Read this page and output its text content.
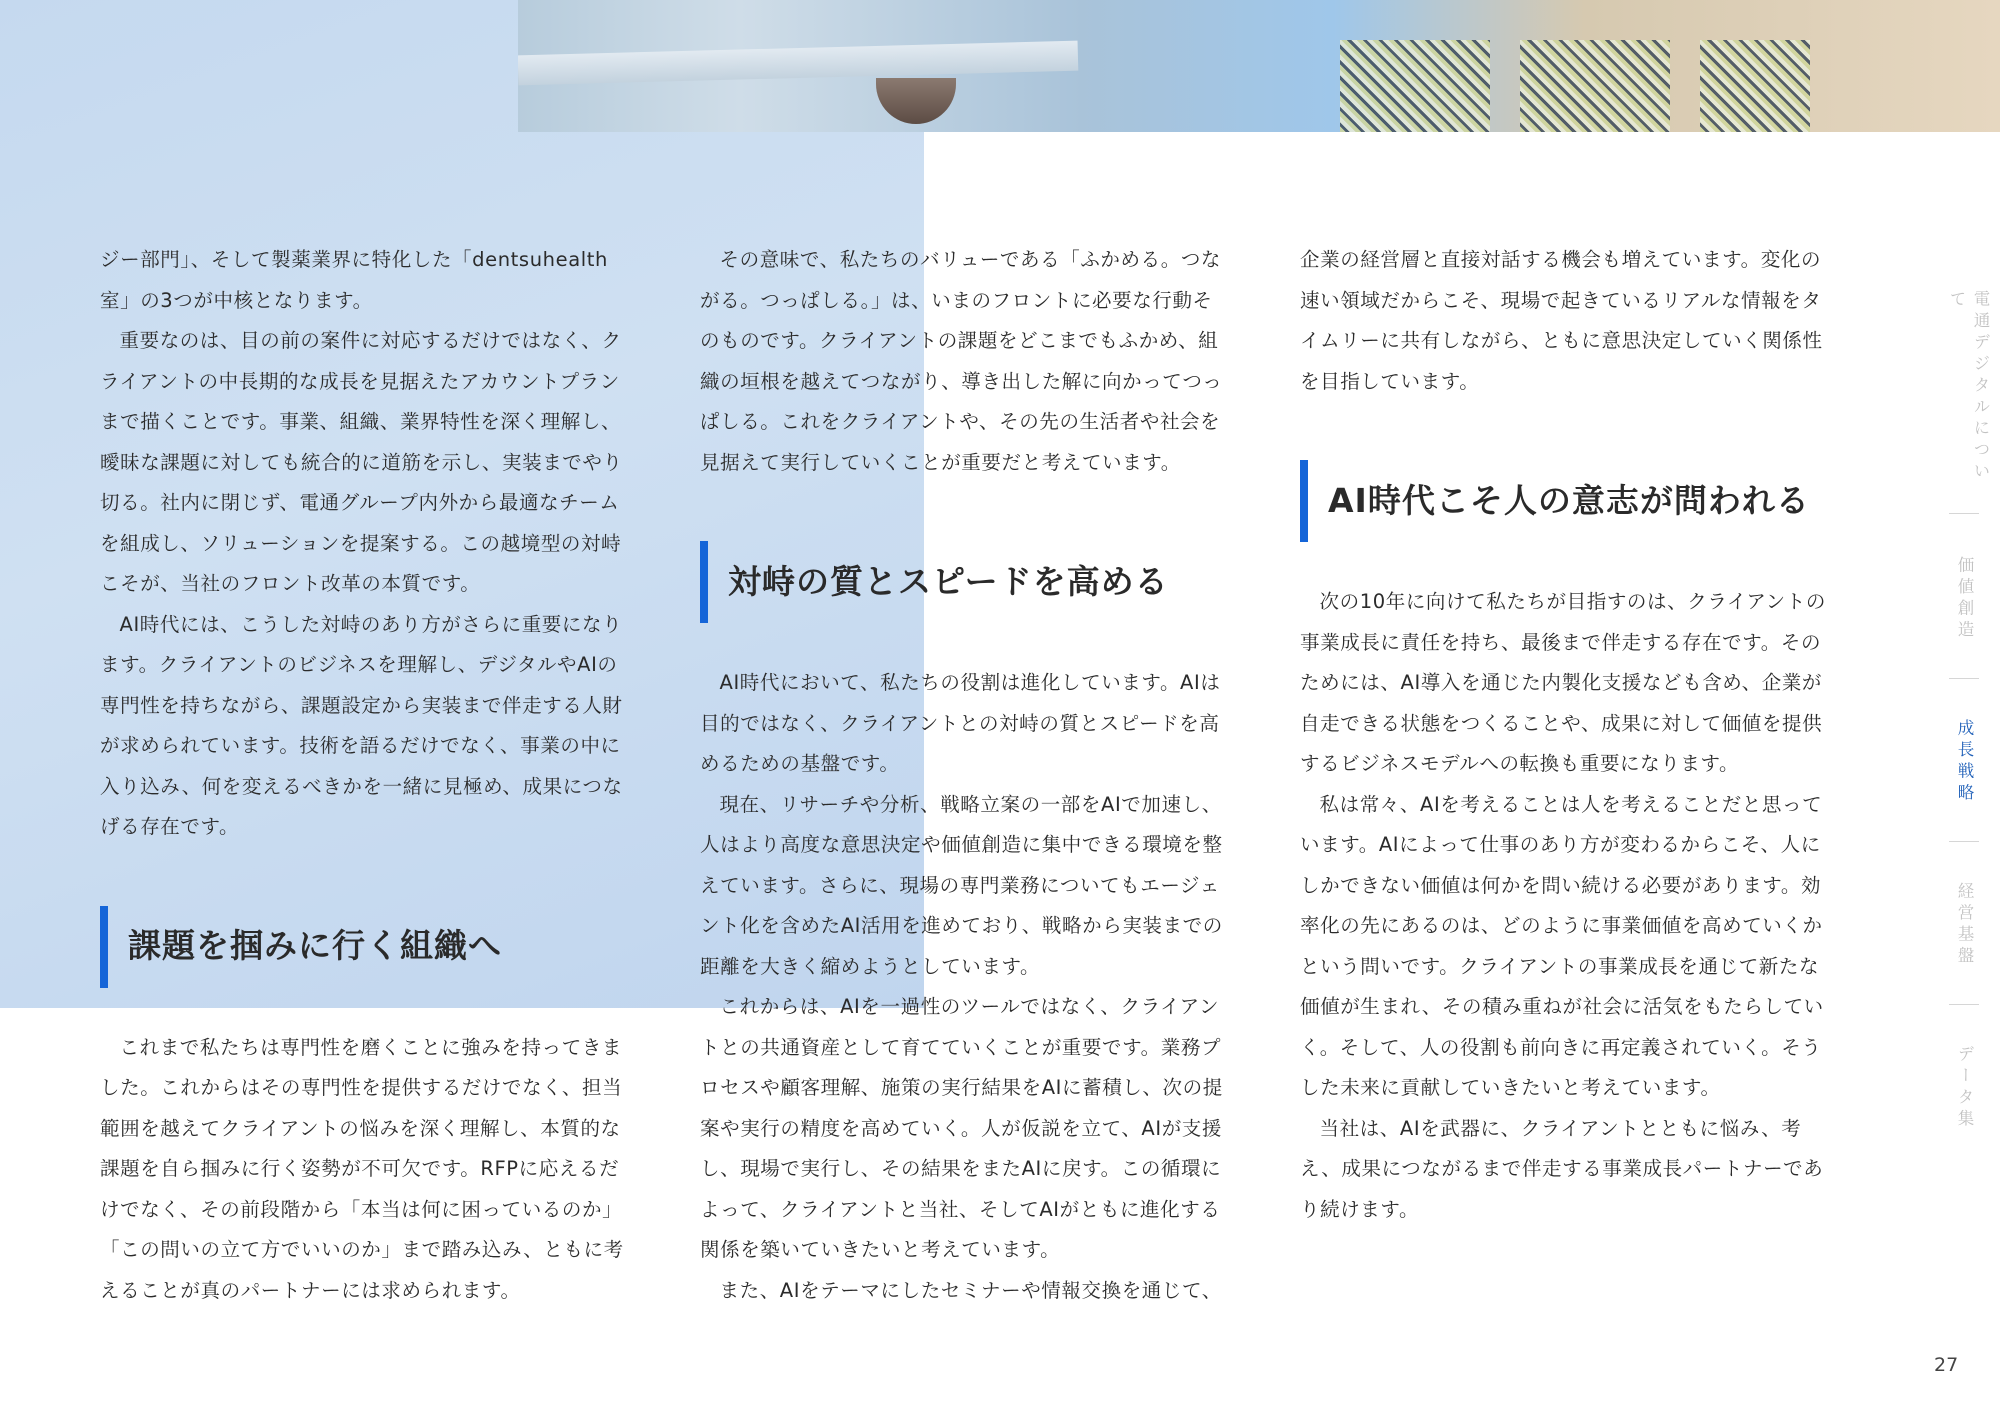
ジー部門」、そして製薬業界に特化した「dentsuhealth室」の3つが中核となります。

重要なのは、目の前の案件に対応するだけではなく、クライアントの中長期的な成長を見据えたアカウントプランまで描くことです。事業、組織、業界特性を深く理解し、曖昧な課題に対しても統合的に道筋を示し、実装までやり切る。社内に閉じず、電通グループ内外から最適なチームを組成し、ソリューションを提案する。この越境型の対峙こそが、当社のフロント改革の本質です。

AI時代には、こうした対峙のあり方がさらに重要になります。クライアントのビジネスを理解し、デジタルやAIの専門性を持ちながら、課題設定から実装まで伴走する人財が求められています。技術を語るだけでなく、事業の中に入り込み、何を変えるべきかを一緒に見極め、成果につなげる存在です。

課題を掴みに行く組織へ

これまで私たちは専門性を磨くことに強みを持ってきました。これからはその専門性を提供するだけでなく、担当範囲を越えてクライアントの悩みを深く理解し、本質的な課題を自ら掴みに行く姿勢が不可欠です。RFPに応えるだけでなく、その前段階から「本当は何に困っているのか」「この問いの立て方でいいのか」まで踏み込み、ともに考えることが真のパートナーには求められます。

その意味で、私たちのバリューである「ふかめる。つながる。つっぱしる。」は、いまのフロントに必要な行動そのものです。クライアントの課題をどこまでもふかめ、組織の垣根を越えてつながり、導き出した解に向かってつっぱしる。これをクライアントや、その先の生活者や社会を見据えて実行していくことが重要だと考えています。

対峙の質とスピードを高める

AI時代において、私たちの役割は進化しています。AIは目的ではなく、クライアントとの対峙の質とスピードを高めるための基盤です。

現在、リサーチや分析、戦略立案の一部をAIで加速し、人はより高度な意思決定や価値創造に集中できる環境を整えています。さらに、現場の専門業務についてもエージェント化を含めたAI活用を進めており、戦略から実装までの距離を大きく縮めようとしています。

これからは、AIを一過性のツールではなく、クライアントとの共通資産として育てていくことが重要です。業務プロセスや顧客理解、施策の実行結果をAIに蓄積し、次の提案や実行の精度を高めていく。人が仮説を立て、AIが支援し、現場で実行し、その結果をまたAIに戻す。この循環によって、クライアントと当社、そしてAIがともに進化する関係を築いていきたいと考えています。

また、AIをテーマにしたセミナーや情報交換を通じて、

企業の経営層と直接対話する機会も増えています。変化の速い領域だからこそ、現場で起きているリアルな情報をタイムリーに共有しながら、ともに意思決定していく関係性を目指しています。

AI時代こそ人の意志が問われる

次の10年に向けて私たちが目指すのは、クライアントの事業成長に責任を持ち、最後まで伴走する存在です。そのためには、AI導入を通じた内製化支援なども含め、企業が自走できる状態をつくることや、成果に対して価値を提供するビジネスモデルへの転換も重要になります。

私は常々、AIを考えることは人を考えることだと思っています。AIによって仕事のあり方が変わるからこそ、人にしかできない価値は何かを問い続ける必要があります。効率化の先にあるのは、どのように事業価値を高めていくかという問いです。クライアントの事業成長を通じて新たな価値が生まれ、その積み重ねが社会に活気をもたらしていく。そして、人の役割も前向きに再定義されていく。そうした未来に貢献していきたいと考えています。

当社は、AIを武器に、クライアントとともに悩み、考え、成果につながるまで伴走する事業成長パートナーであり続けます。

電通デジタルについて
価値創造
成長戦略
経営基盤
データ集
27
